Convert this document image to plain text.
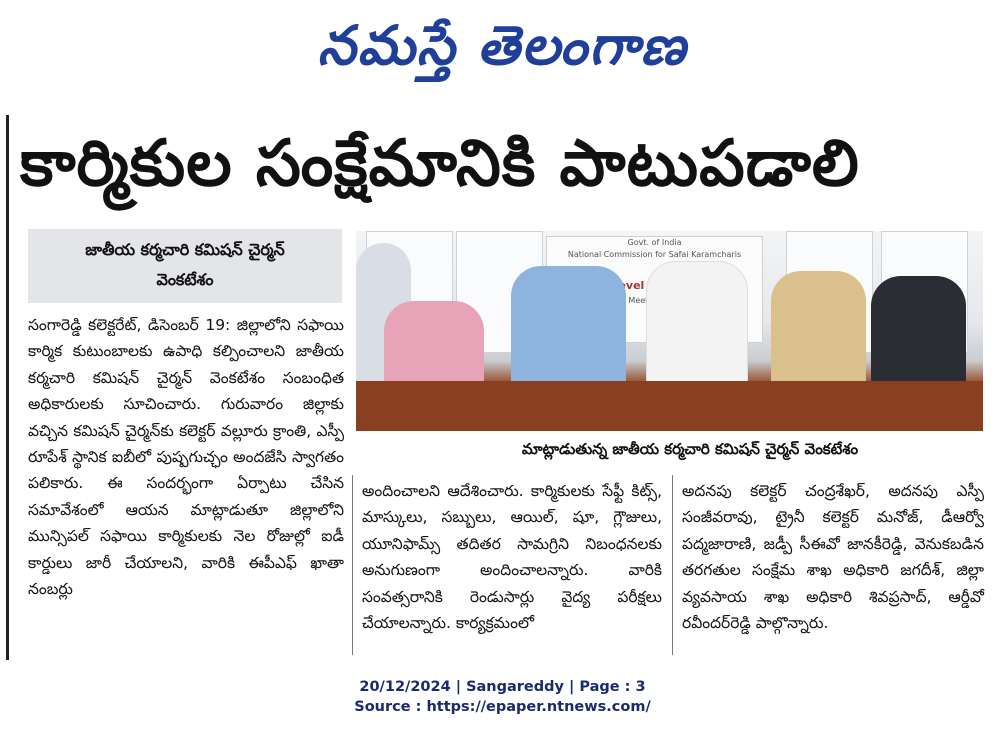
నమస్తే తెలంగాణ
కార్మికుల సంక్షేమానికి పాటుపడాలి
జాతీయ కర్మచారి కమిషన్ చైర్మన్
వెంకటేశం
Govt. of India
National Commission for Safai Karamcharis
Level
Meeting
మాట్లాడుతున్న జాతీయ కర్మచారి కమిషన్ చైర్మన్ వెంకటేశం

సంగారెడ్డి కలెక్టరేట్, డిసెంబర్ 19: జిల్లాలోని సఫాయి కార్మిక కుటుంబాలకు ఉపాధి కల్పించాలని జాతీయ కర్మచారి కమిషన్ చైర్మన్ వెంకటేశం సంబంధిత అధికారులకు సూచించారు. గురువారం జిల్లాకు వచ్చిన కమిషన్ చైర్మన్‌కు కలెక్టర్ వల్లూరు క్రాంతి, ఎస్పీ రూపేశ్ స్థానిక ఐబీలో పుష్పగుచ్ఛం అందజేసి స్వాగతం పలికారు. ఈ సందర్భంగా ఏర్పాటు చేసిన సమావేశంలో ఆయన మాట్లాడుతూ జిల్లాలోని మున్సిపల్ సఫాయి కార్మికులకు నెల రోజుల్లో ఐడీ కార్డులు జారీ చేయాలని, వారికి ఈపీఎఫ్ ఖాతా నంబర్లు

అందించాలని ఆదేశించారు. కార్మికులకు సేఫ్టీ కిట్స్, మాస్కులు, సబ్బులు, ఆయిల్, షూ, గ్లౌజులు, యూనిఫామ్స్ తదితర సామగ్రిని నిబంధనలకు అనుగుణంగా అందించాలన్నారు. వారికి సంవత్సరానికి రెండుసార్లు వైద్య పరీక్షలు చేయాలన్నారు. కార్యక్రమంలో

అదనపు కలెక్టర్ చంద్రశేఖర్, అదనపు ఎస్పీ సంజీవరావు, ట్రైనీ కలెక్టర్ మనోజ్, డీఆర్వో పద్మజారాణి, జడ్పీ సీఈవో జానకీరెడ్డి, వెనుకబడిన తరగతుల సంక్షేమ శాఖ అధికారి జగదీశ్, జిల్లా వ్యవసాయ శాఖ అధికారి శివప్రసాద్, ఆర్డీవో రవీందర్‌రెడ్డి పాల్గొన్నారు.

20/12/2024 | Sangareddy | Page : 3
Source : https://epaper.ntnews.com/
